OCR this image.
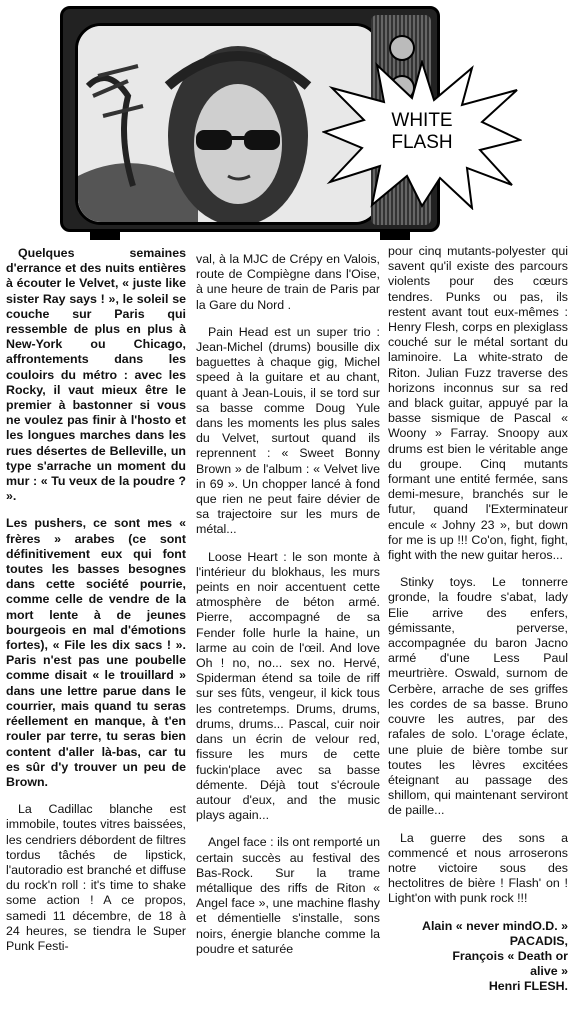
WHITE
FLASH

Quelques semaines d'errance et des nuits entières à écouter le Velvet, « juste like sister Ray says ! », le soleil se couche sur Paris qui ressemble de plus en plus à New-York ou Chicago, affrontements dans les couloirs du métro : avec les Rocky, il vaut mieux être le premier à bastonner si vous ne voulez pas finir à l'hosto et les longues marches dans les rues désertes de Belleville, un type s'arrache un moment du mur : « Tu veux de la poudre ? ».

Les pushers, ce sont mes « frères » arabes (ce sont définitivement eux qui font toutes les basses besognes dans cette société pourrie, comme celle de vendre de la mort lente à de jeunes bourgeois en mal d'émotions fortes), « File les dix sacs ! ». Paris n'est pas une poubelle comme disait « le trouillard » dans une lettre parue dans le courrier, mais quand tu seras réellement en manque, à t'en rouler par terre, tu seras bien content d'aller là-bas, car tu es sûr d'y trouver un peu de Brown.

La Cadillac blanche est immobile, toutes vitres baissées, les cendriers débordent de filtres tordus tâchés de lipstick, l'autoradio est branché et diffuse du rock'n roll : it's time to shake some action ! A ce propos, samedi 11 décembre, de 18 à 24 heures, se tiendra le Super Punk Festi-

val, à la MJC de Crépy en Valois, route de Compiègne dans l'Oise, à une heure de train de Paris par la Gare du Nord .

Pain Head est un super trio : Jean-Michel (drums) bousille dix baguettes à chaque gig, Michel speed à la guitare et au chant, quant à Jean-Louis, il se tord sur sa basse comme Doug Yule dans les moments les plus sales du Velvet, surtout quand ils reprennent : « Sweet Bonny Brown » de l'album : « Velvet live in 69 ». Un chopper lancé à fond que rien ne peut faire dévier de sa trajectoire sur les murs de métal...

Loose Heart : le son monte à l'intérieur du blokhaus, les murs peints en noir accentuent cette atmosphère de béton armé. Pierre, accompagné de sa Fender folle hurle la haine, un larme au coin de l'œil. And love Oh ! no, no... sex no. Hervé, Spiderman étend sa toile de riff sur ses fûts, vengeur, il kick tous les contretemps. Drums, drums, drums, drums... Pascal, cuir noir dans un écrin de velour red, fissure les murs de cette fuckin'place avec sa basse démente. Déjà tout s'écroule autour d'eux, and the music plays again...

Angel face : ils ont remporté un certain succès au festival des Bas-Rock. Sur la trame métallique des riffs de Riton « Angel face », une machine flashy et démentielle s'installe, sons noirs, énergie blanche comme la poudre et saturée

pour cinq mutants-polyester qui savent qu'il existe des parcours violents pour des cœurs tendres. Punks ou pas, ils restent avant tout eux-mêmes : Henry Flesh, corps en plexiglass couché sur le métal sortant du laminoire. La white-strato de Riton. Julian Fuzz traverse des horizons inconnus sur sa red and black guitar, appuyé par la basse sismique de Pascal « Woony » Farray. Snoopy aux drums est bien le véritable ange du groupe. Cinq mutants formant une entité fermée, sans demi-mesure, branchés sur le futur, quand l'Exterminateur encule « Johny 23 », but down for me is up !!! Co'on, fight, fight, fight with the new guitar heros...

Stinky toys. Le tonnerre gronde, la foudre s'abat, lady Elie arrive des enfers, gémissante, perverse, accompagnée du baron Jacno armé d'une Less Paul meurtrière. Oswald, surnom de Cerbère, arrache de ses griffes les cordes de sa basse. Bruno couvre les autres, par des rafales de solo. L'orage éclate, une pluie de bière tombe sur toutes les lèvres excitées éteignant au passage des shillom, qui maintenant serviront de paille...

La guerre des sons a commencé et nous arroserons notre victoire sous des hectolitres de bière ! Flash' on ! Light'on with punk rock !!!

Alain « never mindO.D. »
PACADIS,
François « Death or
alive »
Henri FLESH.
